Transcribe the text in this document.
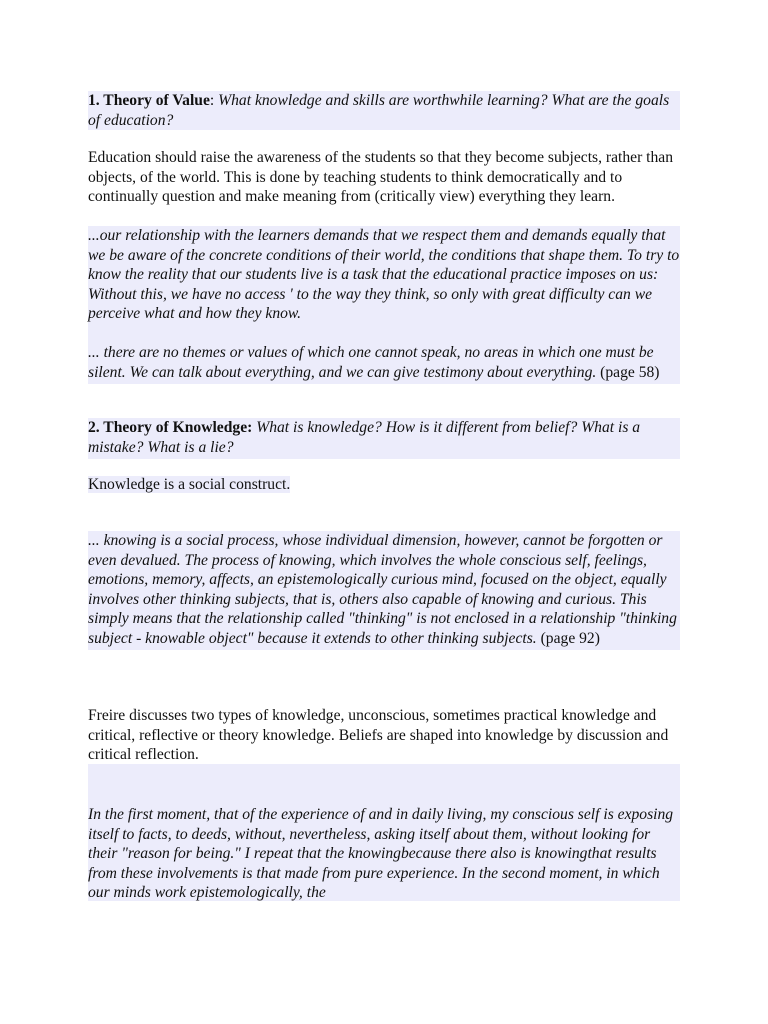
1. Theory of Value: What knowledge and skills are worthwhile learning? What are the goals of education?

Education should raise the awareness of the students so that they become subjects, rather than objects, of the world. This is done by teaching students to think democratically and to continually question and make meaning from (critically view) everything they learn.

...our relationship with the learners demands that we respect them and demands equally that we be aware of the concrete conditions of their world, the conditions that shape them. To try to know the reality that our students live is a task that the educational practice imposes on us: Without this, we have no access ' to the way they think, so only with great difficulty can we perceive what and how they know.

... there are no themes or values of which one cannot speak, no areas in which one must be silent. We can talk about everything, and we can give testimony about everything. (page 58)

2. Theory of Knowledge: What is knowledge? How is it different from belief? What is a mistake? What is a lie?

Knowledge is a social construct.

... knowing is a social process, whose individual dimension, however, cannot be forgotten or even devalued. The process of knowing, which involves the whole conscious self, feelings, emotions, memory, affects, an epistemologically curious mind, focused on the object, equally involves other thinking subjects, that is, others also capable of knowing and curious. This simply means that the relationship called "thinking" is not enclosed in a relationship "thinking subject - knowable object" because it extends to other thinking subjects. (page 92)

Freire discusses two types of knowledge, unconscious, sometimes practical knowledge and critical, reflective or theory knowledge. Beliefs are shaped into knowledge by discussion and critical reflection.

In the first moment, that of the experience of and in daily living, my conscious self is exposing itself to facts, to deeds, without, nevertheless, asking itself about them, without looking for their "reason for being." I repeat that the knowingbecause there also is knowingthat results from these involvements is that made from pure experience. In the second moment, in which our minds work epistemologically, the
